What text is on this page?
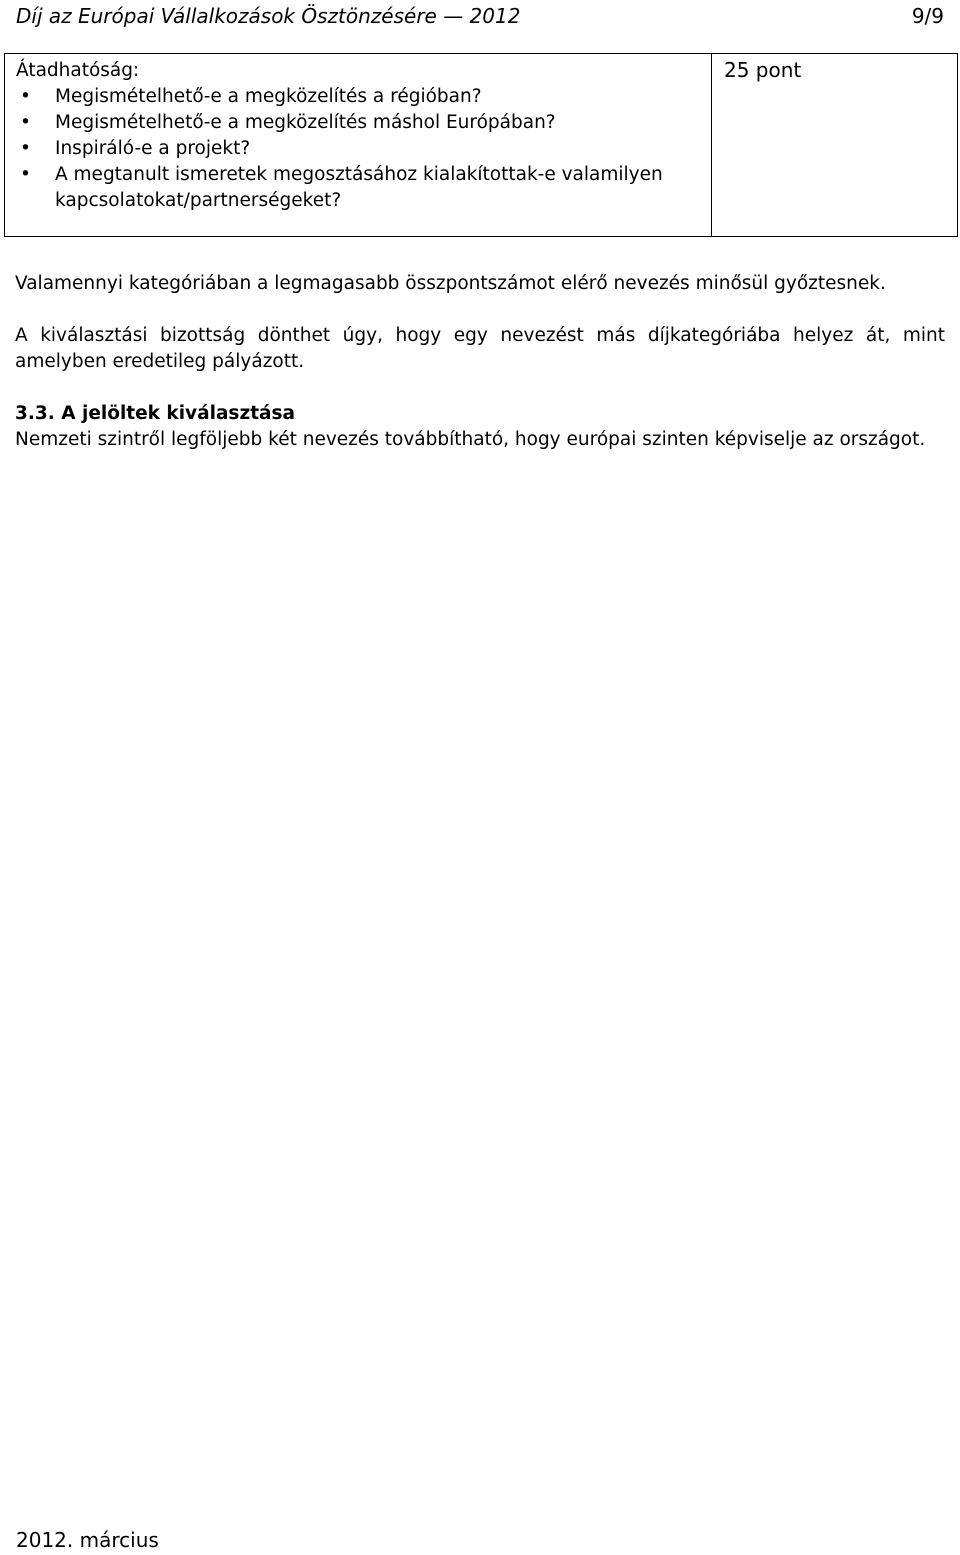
Díj az Európai Vállalkozások Ösztönzésére — 2012	9/9
Átadhatóság:
• Megismételhető-e a megközelítés a régióban?
• Megismételhető-e a megközelítés máshol Európában?
• Inspiráló-e a projekt?
• A megtanult ismeretek megosztásához kialakítottak-e valamilyen kapcsolatokat/partnerségeket?

25 pont

Valamennyi kategóriában a legmagasabb összpontszámot elérő nevezés minősül győztesnek.

A kiválasztási bizottság dönthet úgy, hogy egy nevezést más díjkategóriába helyez át, mint amelyben eredetileg pályázott.

3.3. A jelöltek kiválasztása
Nemzeti szintről legföljebb két nevezés továbbítható, hogy európai szinten képviselje az országot.
2012. március
